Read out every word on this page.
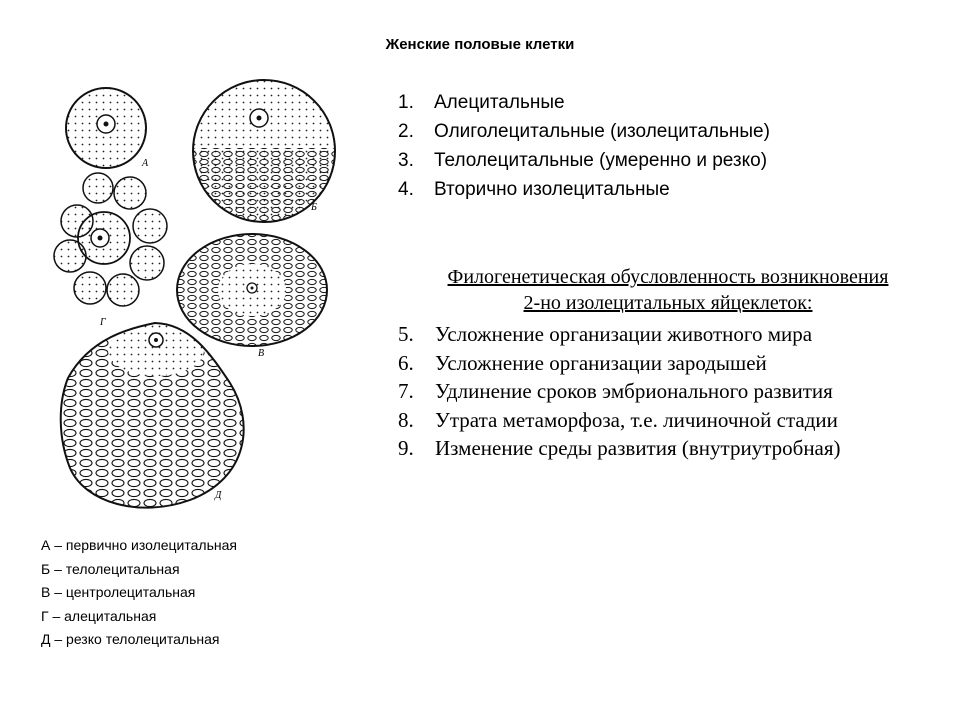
Женские половые клетки
А
Б
Г
В
Д
1.	Алецитальные
2.	Олиголецитальные (изолецитальные)
3.	Телолецитальные (умеренно и резко)
4.	Вторично изолецитальные
Филогенетическая обусловленность возникновения
2-но изолецитальных яйцеклеток:
5.	Усложнение организации животного мира
6.	Усложнение организации зародышей
7.	Удлинение сроков эмбрионального развития
8.	Утрата метаморфоза, т.е. личиночной стадии
9.	Изменение среды развития (внутриутробная)
А – первично изолецитальная
Б – телолецитальная
В – центролецитальная
Г – алецитальная
Д – резко телолецитальная
